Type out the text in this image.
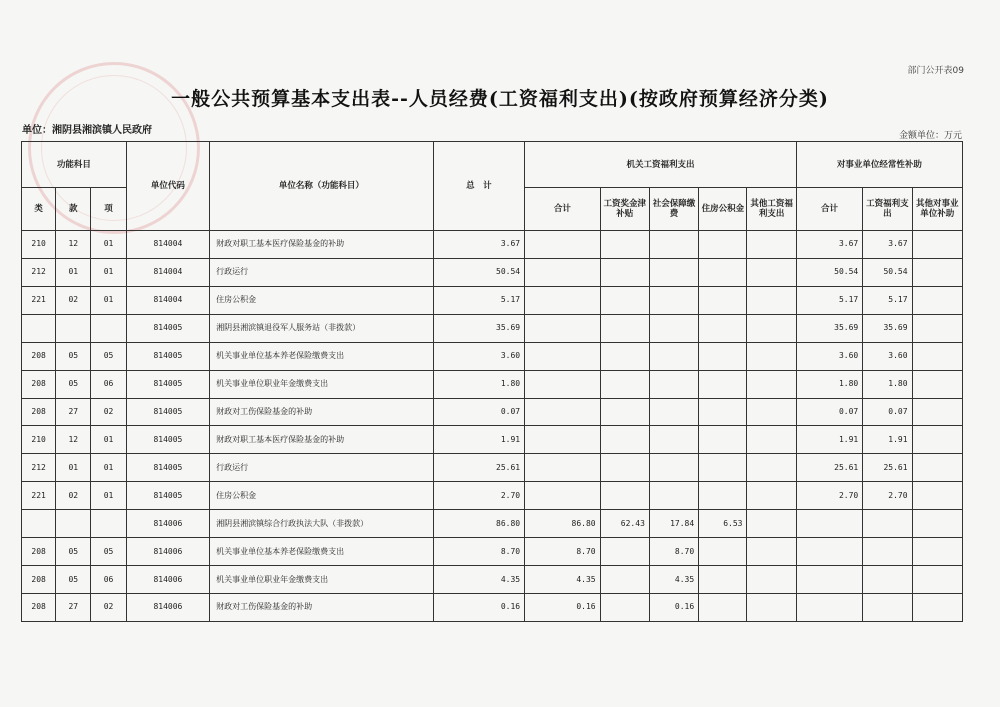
部门公开表09
一般公共预算基本支出表--人员经费(工资福利支出)(按政府预算经济分类)
单位：湘阴县湘滨镇人民政府	金额单位：万元
功能科目			单位代码	单位名称（功能科目）	总　计	机关工资福利支出					对事业单位经常性补助		
类	款	项				合计	工资奖金津补贴	社会保障缴费	住房公积金	其他工资福利支出	合计	工资福利支出	其他对事业单位补助
210	12	01	814004	财政对职工基本医疗保险基金的补助	3.67						3.67	3.67	
212	01	01	814004	行政运行	50.54						50.54	50.54	
221	02	01	814004	住房公积金	5.17						5.17	5.17	
			814005	湘阴县湘滨镇退役军人服务站（非拨款）	35.69						35.69	35.69	
208	05	05	814005	机关事业单位基本养老保险缴费支出	3.60						3.60	3.60	
208	05	06	814005	机关事业单位职业年金缴费支出	1.80						1.80	1.80	
208	27	02	814005	财政对工伤保险基金的补助	0.07						0.07	0.07	
210	12	01	814005	财政对职工基本医疗保险基金的补助	1.91						1.91	1.91	
212	01	01	814005	行政运行	25.61						25.61	25.61	
221	02	01	814005	住房公积金	2.70						2.70	2.70	
			814006	湘阴县湘滨镇综合行政执法大队（非拨款）	86.80	86.80	62.43	17.84	6.53				
208	05	05	814006	机关事业单位基本养老保险缴费支出	8.70	8.70		8.70					
208	05	06	814006	机关事业单位职业年金缴费支出	4.35	4.35		4.35					
208	27	02	814006	财政对工伤保险基金的补助	0.16	0.16		0.16					
